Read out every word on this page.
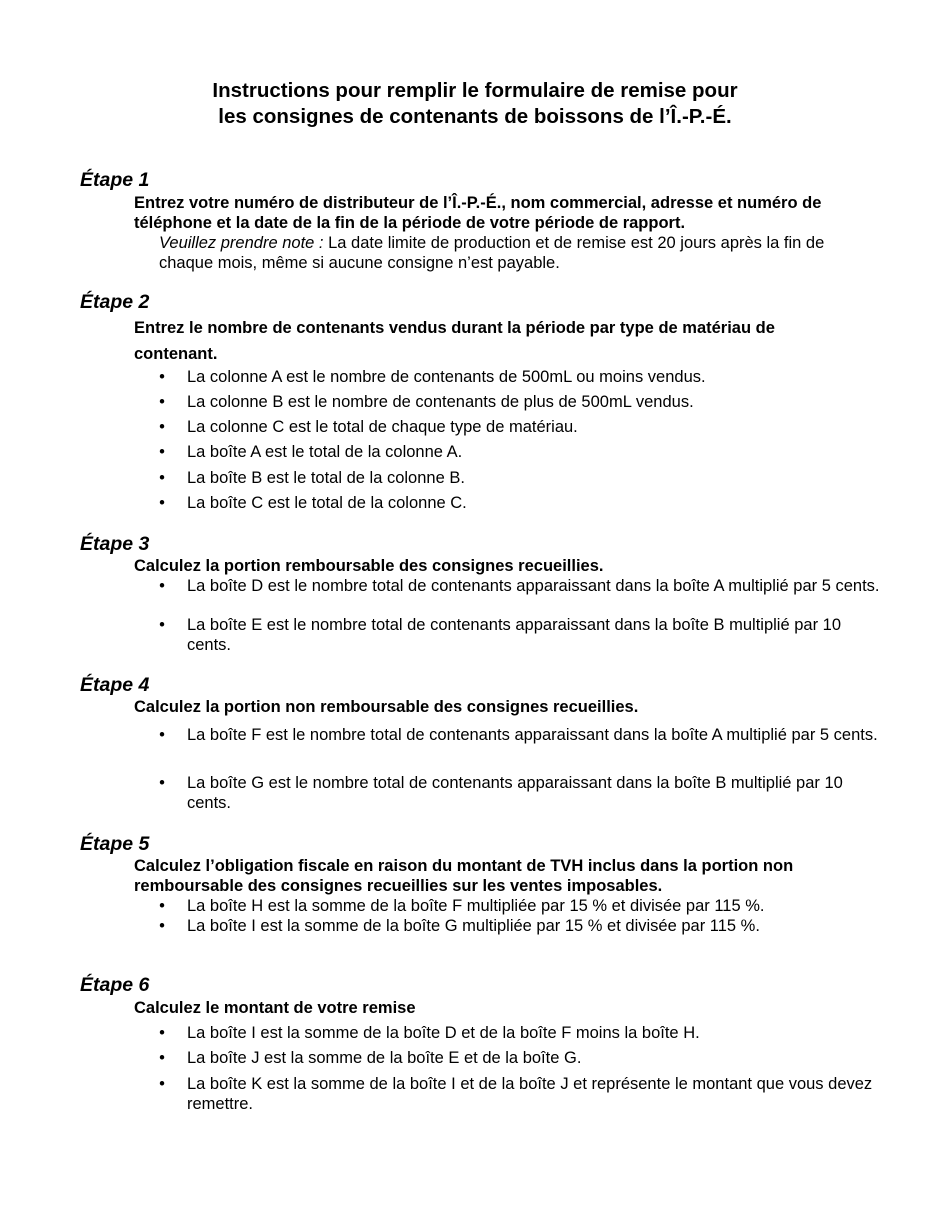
Instructions pour remplir le formulaire de remise pour
les consignes de contenants de boissons de l’Î.-P.-É.
Étape 1

Entrez votre numéro de distributeur de l’Î.-P.-É., nom commercial, adresse et numéro de téléphone et la date de la fin de la période de votre période de rapport.

Veuillez prendre note : La date limite de production et de remise est 20 jours après la fin de chaque mois, même si aucune consigne n’est payable.

Étape 2

Entrez le nombre de contenants vendus durant la période par type de matériau de contenant.

• La colonne A est le nombre de contenants de 500mL ou moins vendus.
• La colonne B est le nombre de contenants de plus de 500mL vendus.
• La colonne C est le total de chaque type de matériau.
• La boîte A est le total de la colonne A.
• La boîte B est le total de la colonne B.
• La boîte C est le total de la colonne C.
Étape 3

Calculez la portion remboursable des consignes recueillies.

• La boîte D est le nombre total de contenants apparaissant dans la boîte A multiplié par 5 cents.
• La boîte E est le nombre total de contenants apparaissant dans la boîte B multiplié par 10 cents.
Étape 4

Calculez la portion non remboursable des consignes recueillies.

• La boîte F est le nombre total de contenants apparaissant dans la boîte A multiplié par 5 cents.
• La boîte G est le nombre total de contenants apparaissant dans la boîte B multiplié par 10 cents.
Étape 5

Calculez l’obligation fiscale en raison du montant de TVH inclus dans la portion non remboursable des consignes recueillies sur les ventes imposables.

• La boîte H est la somme de la boîte F multipliée par 15 % et divisée par 115 %.
• La boîte I est la somme de la boîte G multipliée par 15 % et divisée par 115 %.
Étape 6

Calculez le montant de votre remise

• La boîte I est la somme de la boîte D et de la boîte F moins la boîte H.
• La boîte J est la somme de la boîte E et de la boîte G.
• La boîte K est la somme de la boîte I et de la boîte J et représente le montant que vous devez remettre.
